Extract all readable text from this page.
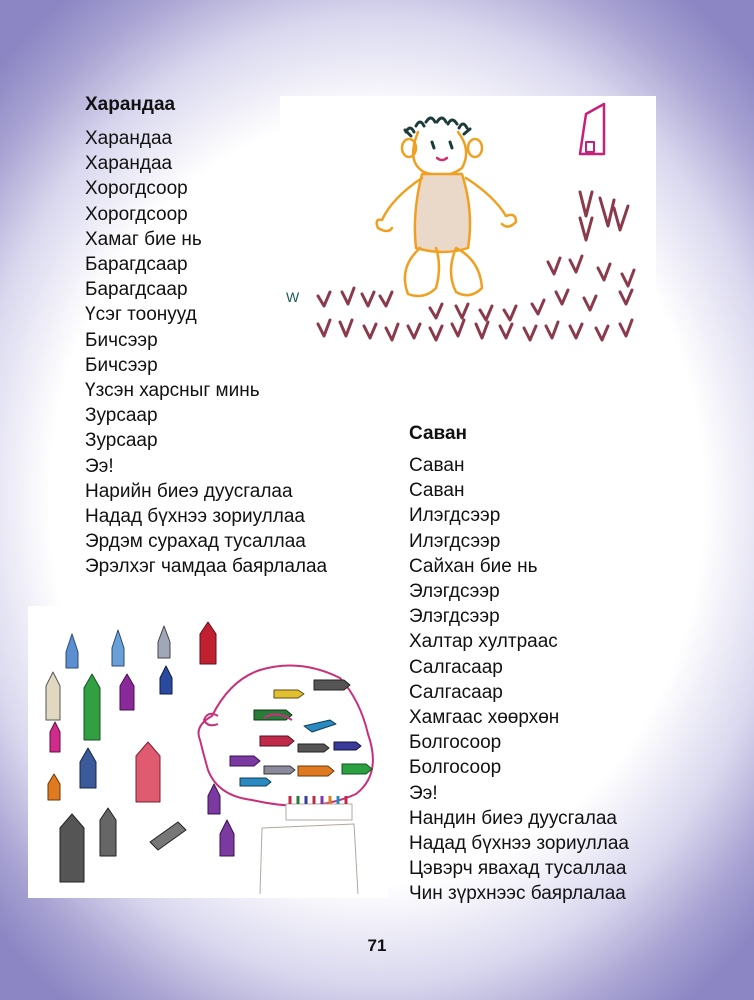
Харандаа
Харандаа
Харандаа
Хорогдсоор
Хорогдсоор
Хамаг бие нь
Барагдсаар
Барагдсаар
Үсэг тоонууд
Бичсээр
Бичсээр
Үзсэн харсныг минь
Зурсаар
Зурсаар
Ээ!
Нарийн биеэ дуусгалаа
Надад бүхнээ зориуллаа
Эрдэм сурахад тусаллаа
Эрэлхэг чамдаа баярлалаа
Саван
Саван
Саван
Илэгдсээр
Илэгдсээр
Сайхан бие нь
Элэгдсээр
Элэгдсээр
Халтар хултраас
Салгасаар
Салгасаар
Хамгаас хөөрхөн
Болгосоор
Болгосоор
Ээ!
Нандин биеэ дуусгалаа
Надад бүхнээ зориуллаа
Цэвэрч явахад тусаллаа
Чин зүрхнээс баярлалаа
W
71
